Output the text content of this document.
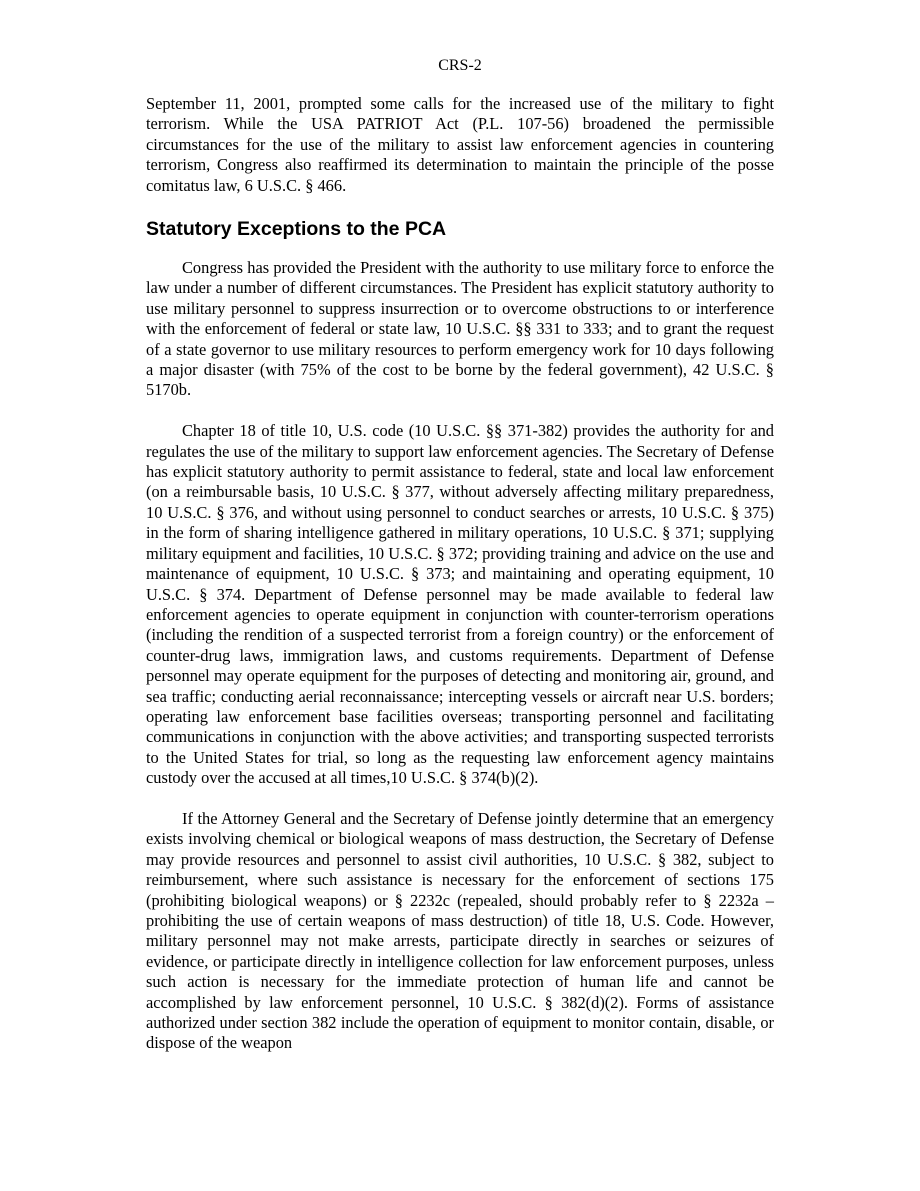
CRS-2

September 11, 2001, prompted some calls for the increased use of the military to fight terrorism. While the USA PATRIOT Act (P.L. 107-56) broadened the permissible circumstances for the use of the military to assist law enforcement agencies in countering terrorism, Congress also reaffirmed its determination to maintain the principle of the posse comitatus law, 6 U.S.C. § 466.

Statutory Exceptions to the PCA

Congress has provided the President with the authority to use military force to enforce the law under a number of different circumstances. The President has explicit statutory authority to use military personnel to suppress insurrection or to overcome obstructions to or interference with the enforcement of federal or state law, 10 U.S.C. §§ 331 to 333; and to grant the request of a state governor to use military resources to perform emergency work for 10 days following a major disaster (with 75% of the cost to be borne by the federal government), 42 U.S.C. § 5170b.

Chapter 18 of title 10, U.S. code (10 U.S.C. §§ 371-382) provides the authority for and regulates the use of the military to support law enforcement agencies. The Secretary of Defense has explicit statutory authority to permit assistance to federal, state and local law enforcement (on a reimbursable basis, 10 U.S.C. § 377, without adversely affecting military preparedness, 10 U.S.C. § 376, and without using personnel to conduct searches or arrests, 10 U.S.C. § 375) in the form of sharing intelligence gathered in military operations, 10 U.S.C. § 371; supplying military equipment and facilities, 10 U.S.C. § 372; providing training and advice on the use and maintenance of equipment, 10 U.S.C. § 373; and maintaining and operating equipment, 10 U.S.C. § 374. Department of Defense personnel may be made available to federal law enforcement agencies to operate equipment in conjunction with counter-terrorism operations (including the rendition of a suspected terrorist from a foreign country) or the enforcement of counter-drug laws, immigration laws, and customs requirements. Department of Defense personnel may operate equipment for the purposes of detecting and monitoring air, ground, and sea traffic; conducting aerial reconnaissance; intercepting vessels or aircraft near U.S. borders; operating law enforcement base facilities overseas; transporting personnel and facilitating communications in conjunction with the above activities; and transporting suspected terrorists to the United States for trial, so long as the requesting law enforcement agency maintains custody over the accused at all times,10 U.S.C. § 374(b)(2).

If the Attorney General and the Secretary of Defense jointly determine that an emergency exists involving chemical or biological weapons of mass destruction, the Secretary of Defense may provide resources and personnel to assist civil authorities, 10 U.S.C. § 382, subject to reimbursement, where such assistance is necessary for the enforcement of sections 175 (prohibiting biological weapons) or § 2232c (repealed, should probably refer to § 2232a – prohibiting the use of certain weapons of mass destruction) of title 18, U.S. Code. However, military personnel may not make arrests, participate directly in searches or seizures of evidence, or participate directly in intelligence collection for law enforcement purposes, unless such action is necessary for the immediate protection of human life and cannot be accomplished by law enforcement personnel, 10 U.S.C. § 382(d)(2). Forms of assistance authorized under section 382 include the operation of equipment to monitor contain, disable, or dispose of the weapon
